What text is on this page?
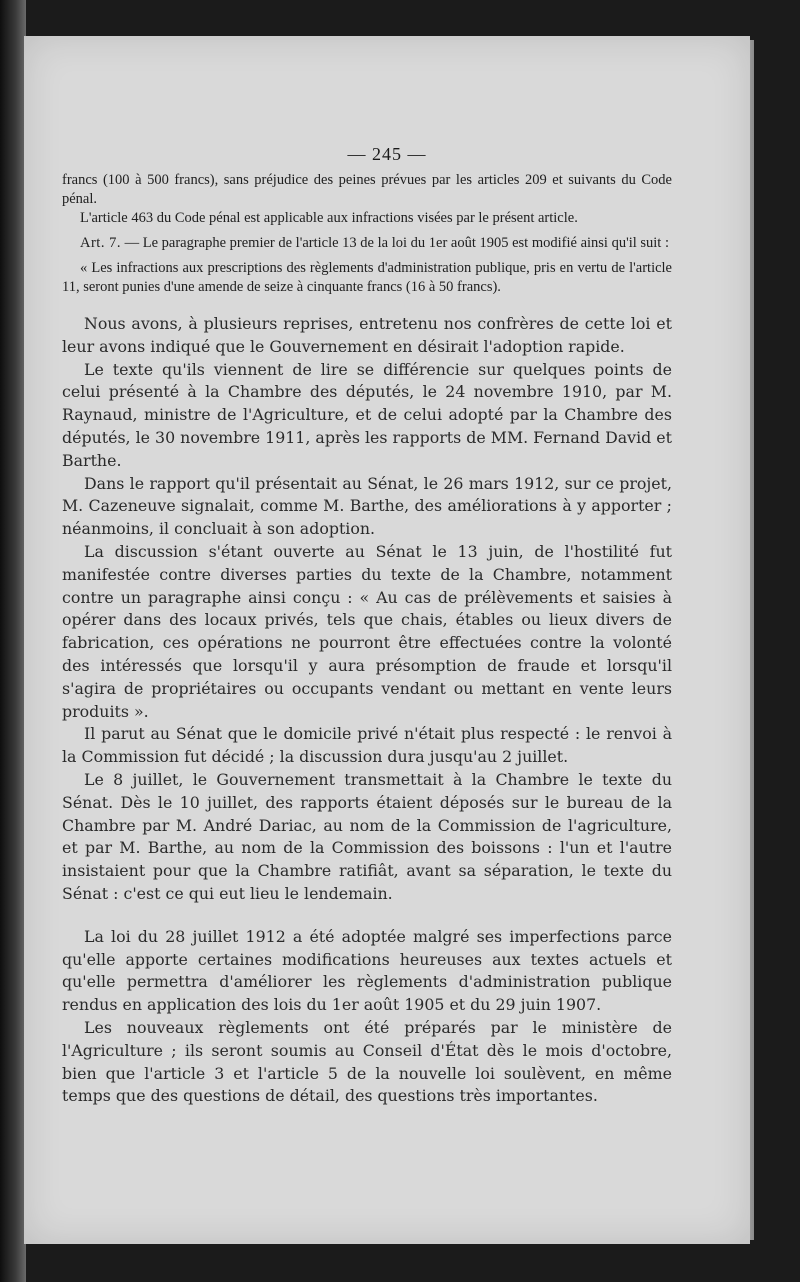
— 245 —

francs (100 à 500 francs), sans préjudice des peines prévues par les articles 209 et suivants du Code pénal.

L'article 463 du Code pénal est applicable aux infractions visées par le présent article.

Art. 7. — Le paragraphe premier de l'article 13 de la loi du 1er août 1905 est modifié ainsi qu'il suit :

« Les infractions aux prescriptions des règlements d'administration publique, pris en vertu de l'article 11, seront punies d'une amende de seize à cinquante francs (16 à 50 francs).

Nous avons, à plusieurs reprises, entretenu nos confrères de cette loi et leur avons indiqué que le Gouvernement en désirait l'adoption rapide.

Le texte qu'ils viennent de lire se différencie sur quelques points de celui présenté à la Chambre des députés, le 24 novembre 1910, par M. Raynaud, ministre de l'Agriculture, et de celui adopté par la Chambre des députés, le 30 novembre 1911, après les rapports de MM. Fernand David et Barthe.

Dans le rapport qu'il présentait au Sénat, le 26 mars 1912, sur ce projet, M. Cazeneuve signalait, comme M. Barthe, des améliorations à y apporter ; néanmoins, il concluait à son adoption.

La discussion s'étant ouverte au Sénat le 13 juin, de l'hostilité fut manifestée contre diverses parties du texte de la Chambre, notamment contre un paragraphe ainsi conçu : « Au cas de prélèvements et saisies à opérer dans des locaux privés, tels que chais, étables ou lieux divers de fabrication, ces opérations ne pourront être effectuées contre la volonté des intéressés que lorsqu'il y aura présomption de fraude et lorsqu'il s'agira de propriétaires ou occupants vendant ou mettant en vente leurs produits ».

Il parut au Sénat que le domicile privé n'était plus respecté : le renvoi à la Commission fut décidé ; la discussion dura jusqu'au 2 juillet.

Le 8 juillet, le Gouvernement transmettait à la Chambre le texte du Sénat. Dès le 10 juillet, des rapports étaient déposés sur le bureau de la Chambre par M. André Dariac, au nom de la Commission de l'agriculture, et par M. Barthe, au nom de la Commission des boissons : l'un et l'autre insistaient pour que la Chambre ratifiât, avant sa séparation, le texte du Sénat : c'est ce qui eut lieu le lendemain.

La loi du 28 juillet 1912 a été adoptée malgré ses imperfections parce qu'elle apporte certaines modifications heureuses aux textes actuels et qu'elle permettra d'améliorer les règlements d'administration publique rendus en application des lois du 1er août 1905 et du 29 juin 1907.

Les nouveaux règlements ont été préparés par le ministère de l'Agriculture ; ils seront soumis au Conseil d'État dès le mois d'octobre, bien que l'article 3 et l'article 5 de la nouvelle loi soulèvent, en même temps que des questions de détail, des questions très importantes.
